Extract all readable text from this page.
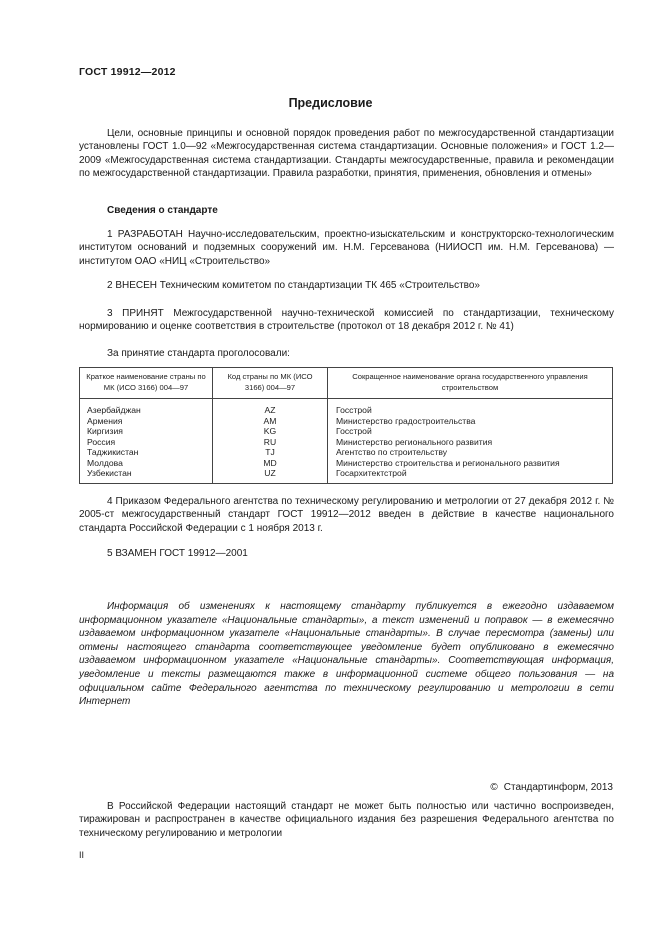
ГОСТ 19912—2012
Предисловие
Цели, основные принципы и основной порядок проведения работ по межгосударственной стандартизации установлены ГОСТ 1.0—92 «Межгосударственная система стандартизации. Основные положения» и ГОСТ 1.2—2009 «Межгосударственная система стандартизации. Стандарты межгосударственные, правила и рекомендации по межгосударственной стандартизации. Правила разработки, принятия, применения, обновления и отмены»
Сведения о стандарте
1 РАЗРАБОТАН Научно-исследовательским, проектно-изыскательским и конструкторско-технологическим институтом оснований и подземных сооружений им. Н.М. Герсеванова (НИИОСП им. Н.М. Герсеванова) — институтом ОАО «НИЦ «Строительство»
2 ВНЕСЕН Техническим комитетом по стандартизации ТК 465 «Строительство»
3 ПРИНЯТ Межгосударственной научно-технической комиссией по стандартизации, техническому нормированию и оценке соответствия в строительстве (протокол от 18 декабря 2012 г. № 41)
За принятие стандарта проголосовали:
Краткое наименование страны по МК (ИСО 3166) 004—97	Код страны по МК (ИСО 3166) 004—97	Сокращенное наименование органа государственного управления строительством
Азербайджан	AZ	Госстрой
Армения	AM	Министерство градостроительства
Киргизия	KG	Госстрой
Россия	RU	Министерство регионального развития
Таджикистан	TJ	Агентство по строительству
Молдова	MD	Министерство строительства и регионального развития
Узбекистан	UZ	Госархитектстрой
4 Приказом Федерального агентства по техническому регулированию и метрологии от 27 декабря 2012 г. № 2005-ст межгосударственный стандарт ГОСТ 19912—2012 введен в действие в качестве национального стандарта Российской Федерации с 1 ноября 2013 г.
5 ВЗАМЕН ГОСТ 19912—2001
Информация об изменениях к настоящему стандарту публикуется в ежегодно издаваемом информационном указателе «Национальные стандарты», а текст изменений и поправок — в ежемесячно издаваемом информационном указателе «Национальные стандарты». В случае пересмотра (замены) или отмены настоящего стандарта соответствующее уведомление будет опубликовано в ежемесячно издаваемом информационном указателе «Национальные стандарты». Соответствующая информация, уведомление и тексты размещаются также в информационной системе общего пользования — на официальном сайте Федерального агентства по техническому регулированию и метрологии в сети Интернет
© Стандартинформ, 2013
В Российской Федерации настоящий стандарт не может быть полностью или частично воспроизведен, тиражирован и распространен в качестве официального издания без разрешения Федерального агентства по техническому регулированию и метрологии
II
